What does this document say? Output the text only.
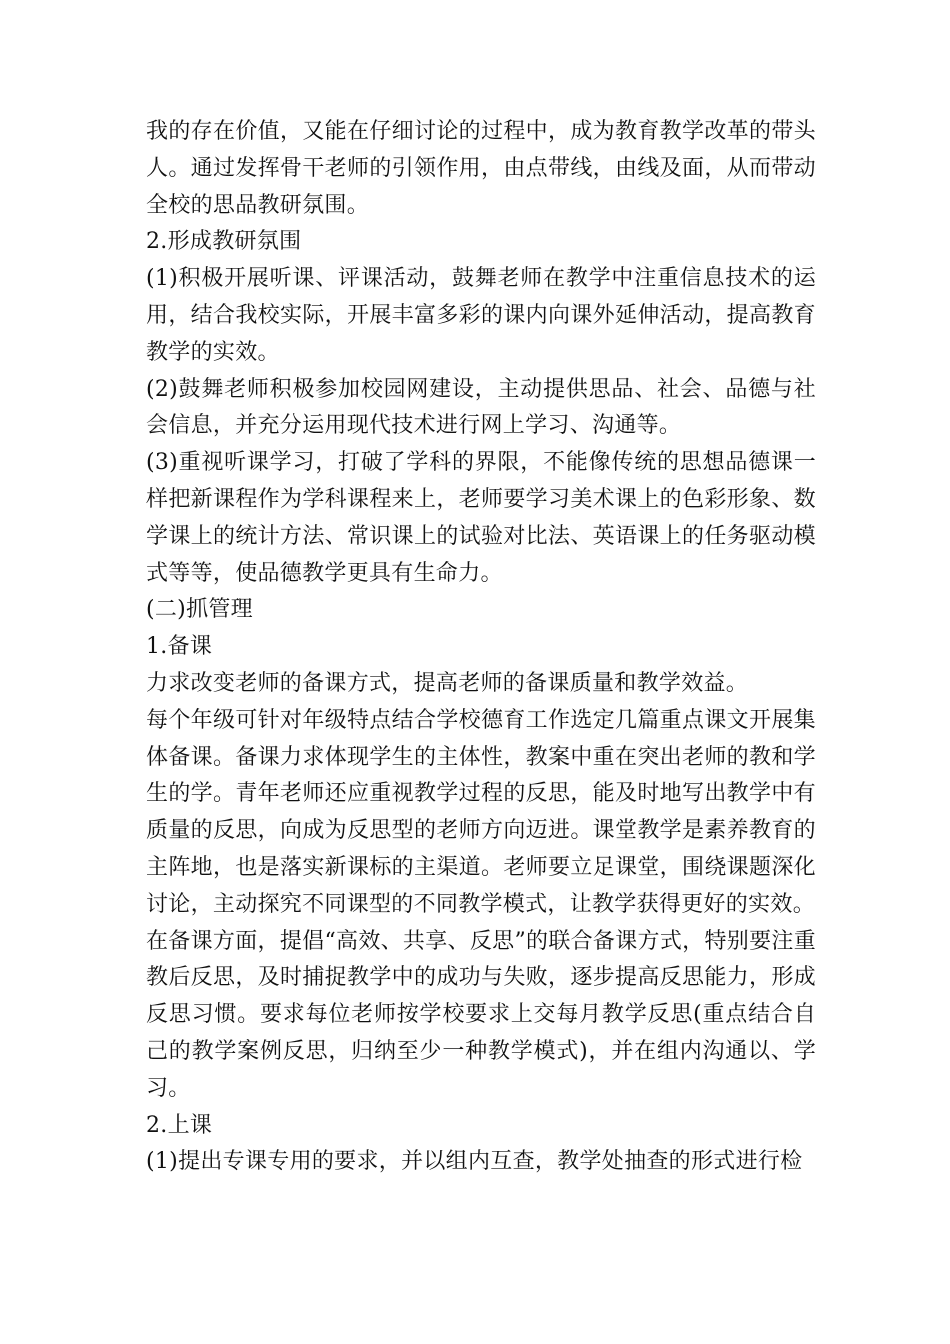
我的存在价值，又能在仔细讨论的过程中，成为教育教学改革的带头人。通过发挥骨干老师的引领作用，由点带线，由线及面，从而带动全校的思品教研氛围。

2.形成教研氛围

(1)积极开展听课、评课活动，鼓舞老师在教学中注重信息技术的运用，结合我校实际，开展丰富多彩的课内向课外延伸活动，提高教育教学的实效。

(2)鼓舞老师积极参加校园网建设，主动提供思品、社会、品德与社会信息，并充分运用现代技术进行网上学习、沟通等。

(3)重视听课学习，打破了学科的界限，不能像传统的思想品德课一样把新课程作为学科课程来上，老师要学习美术课上的色彩形象、数学课上的统计方法、常识课上的试验对比法、英语课上的任务驱动模式等等，使品德教学更具有生命力。

(二)抓管理

1.备课

力求改变老师的备课方式，提高老师的备课质量和教学效益。

每个年级可针对年级特点结合学校德育工作选定几篇重点课文开展集体备课。备课力求体现学生的主体性，教案中重在突出老师的教和学生的学。青年老师还应重视教学过程的反思，能及时地写出教学中有质量的反思，向成为反思型的老师方向迈进。课堂教学是素养教育的主阵地，也是落实新课标的主渠道。老师要立足课堂，围绕课题深化讨论，主动探究不同课型的不同教学模式，让教学获得更好的实效。

在备课方面，提倡“高效、共享、反思”的联合备课方式，特别要注重教后反思，及时捕捉教学中的成功与失败，逐步提高反思能力，形成反思习惯。要求每位老师按学校要求上交每月教学反思(重点结合自己的教学案例反思，归纳至少一种教学模式)，并在组内沟通以、学习。

2.上课

(1)提出专课专用的要求，并以组内互查，教学处抽查的形式进行检
